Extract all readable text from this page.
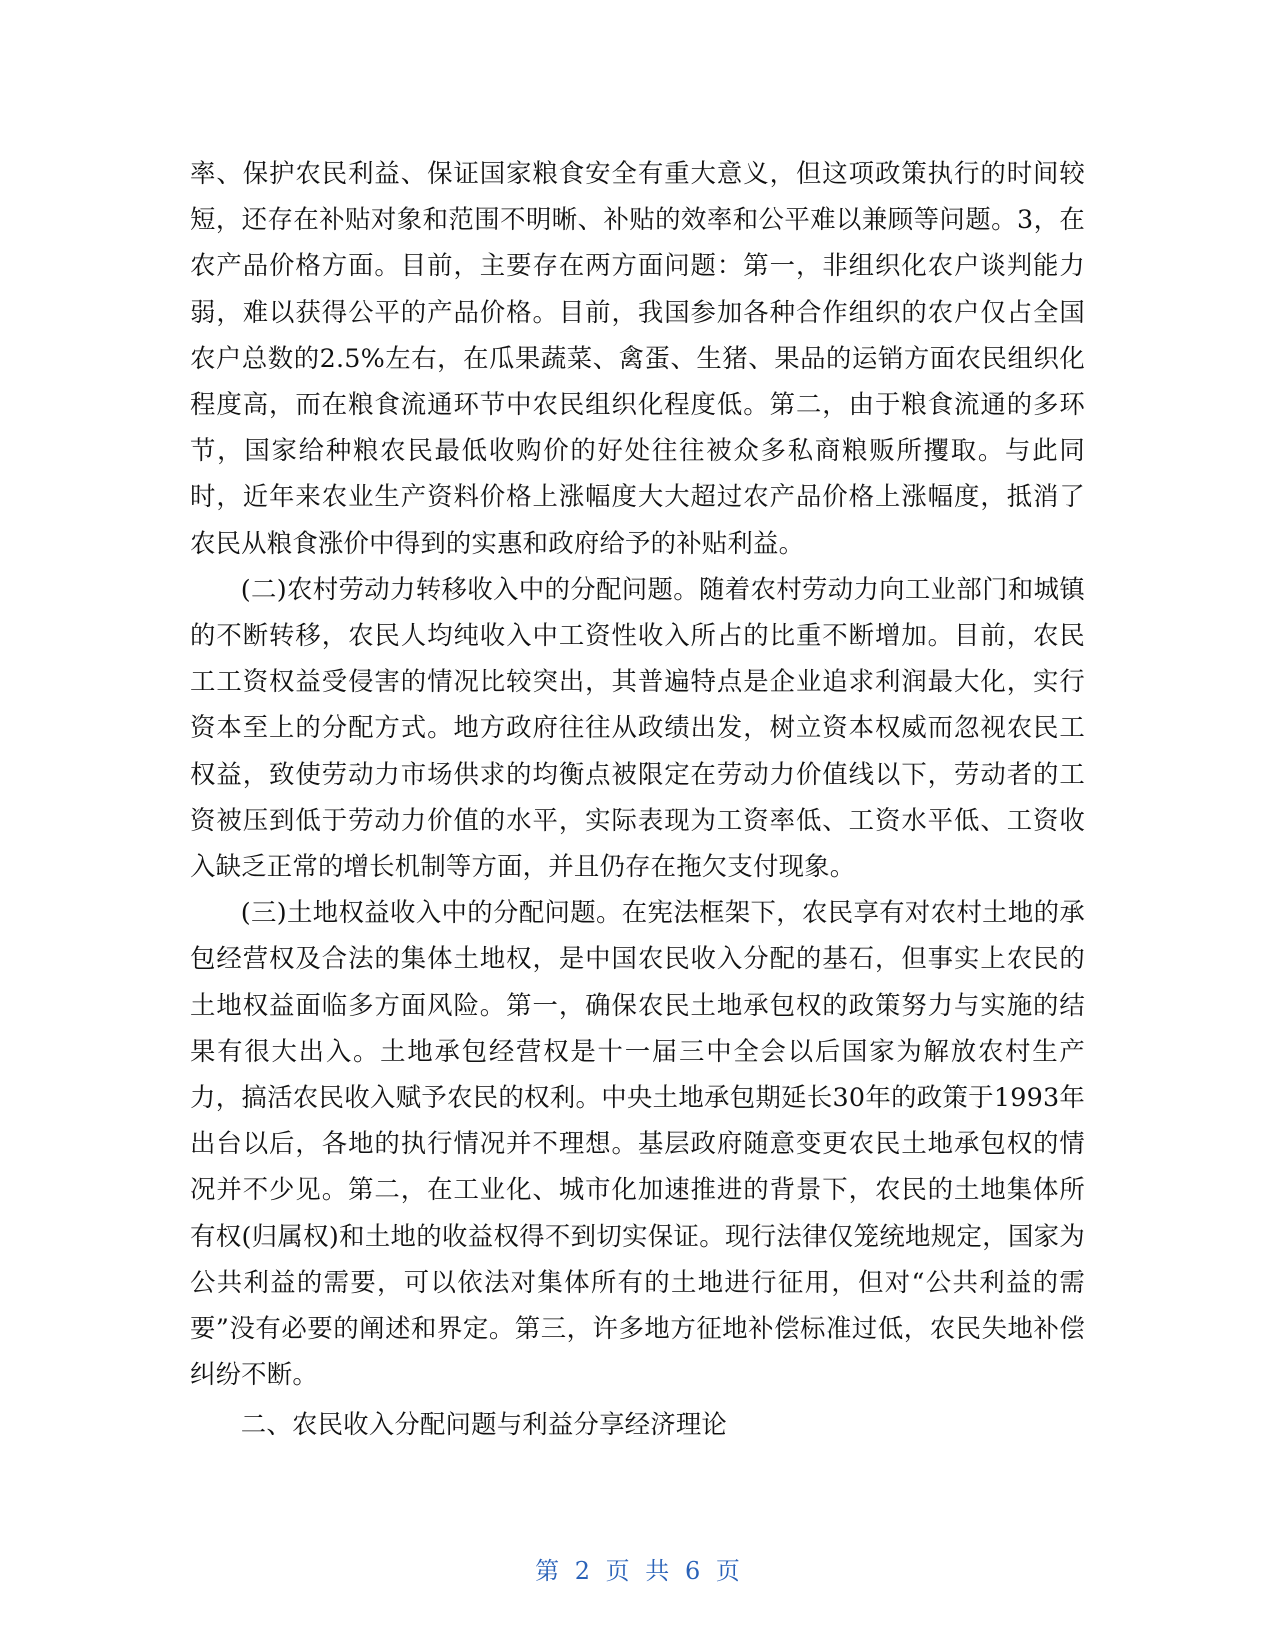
率、保护农民利益、保证国家粮食安全有重大意义，但这项政策执行的时间较短，还存在补贴对象和范围不明晰、补贴的效率和公平难以兼顾等问题。3，在农产品价格方面。目前，主要存在两方面问题：第一，非组织化农户谈判能力弱，难以获得公平的产品价格。目前，我国参加各种合作组织的农户仅占全国农户总数的2.5%左右，在瓜果蔬菜、禽蛋、生猪、果品的运销方面农民组织化程度高，而在粮食流通环节中农民组织化程度低。第二，由于粮食流通的多环节，国家给种粮农民最低收购价的好处往往被众多私商粮贩所攫取。与此同时，近年来农业生产资料价格上涨幅度大大超过农产品价格上涨幅度，抵消了农民从粮食涨价中得到的实惠和政府给予的补贴利益。

(二)农村劳动力转移收入中的分配问题。随着农村劳动力向工业部门和城镇的不断转移，农民人均纯收入中工资性收入所占的比重不断增加。目前，农民工工资权益受侵害的情况比较突出，其普遍特点是企业追求利润最大化，实行资本至上的分配方式。地方政府往往从政绩出发，树立资本权威而忽视农民工权益，致使劳动力市场供求的均衡点被限定在劳动力价值线以下，劳动者的工资被压到低于劳动力价值的水平，实际表现为工资率低、工资水平低、工资收入缺乏正常的增长机制等方面，并且仍存在拖欠支付现象。

(三)土地权益收入中的分配问题。在宪法框架下，农民享有对农村土地的承包经营权及合法的集体土地权，是中国农民收入分配的基石，但事实上农民的土地权益面临多方面风险。第一，确保农民土地承包权的政策努力与实施的结果有很大出入。土地承包经营权是十一届三中全会以后国家为解放农村生产力，搞活农民收入赋予农民的权利。中央土地承包期延长30年的政策于1993年出台以后，各地的执行情况并不理想。基层政府随意变更农民土地承包权的情况并不少见。第二，在工业化、城市化加速推进的背景下，农民的土地集体所有权(归属权)和土地的收益权得不到切实保证。现行法律仅笼统地规定，国家为公共利益的需要，可以依法对集体所有的土地进行征用，但对“公共利益的需要”没有必要的阐述和界定。第三，许多地方征地补偿标准过低，农民失地补偿纠纷不断。

二、农民收入分配问题与利益分享经济理论

第 2 页 共 6 页
